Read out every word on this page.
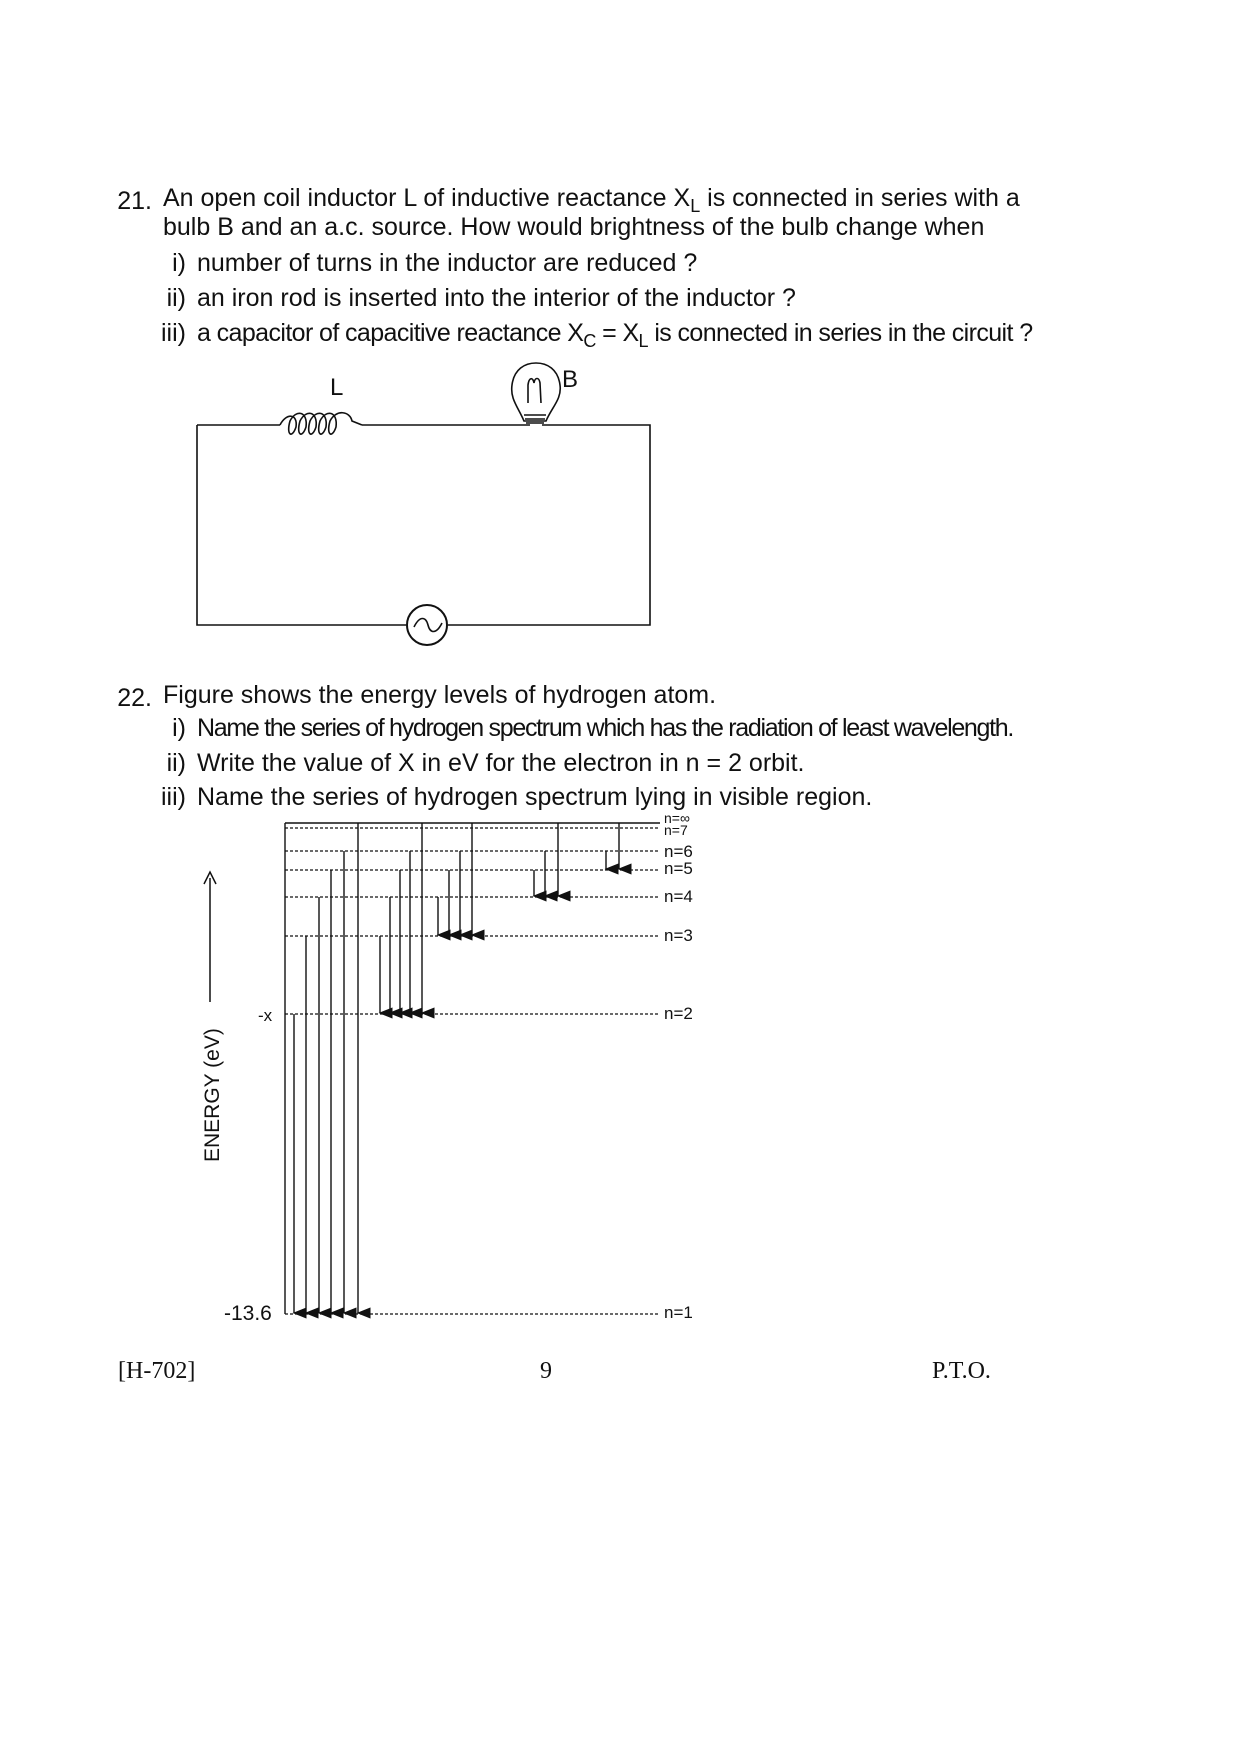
21. An open coil inductor L of inductive reactance $X_L$ is connected in series with a
bulb B and an a.c. source. How would brightness of the bulb change when
i) number of turns in the inductor are reduced ?
ii) an iron rod is inserted into the interior of the inductor ?
iii) a capacitor of capacitive reactance $X_C = X_L$ is connected in series in the circuit ?
L	B
22. Figure shows the energy levels of hydrogen atom.
i) Name the series of hydrogen spectrum which has the radiation of least wavelength.
ii) Write the value of X in eV for the electron in n = 2 orbit.
iii) Name the series of hydrogen spectrum lying in visible region.
n=∞
n=7
n=6
n=5
n=4
n=3
n=2
n=1
-x
-13.6
ENERGY (eV)
[H-702]	9	P.T.O.
